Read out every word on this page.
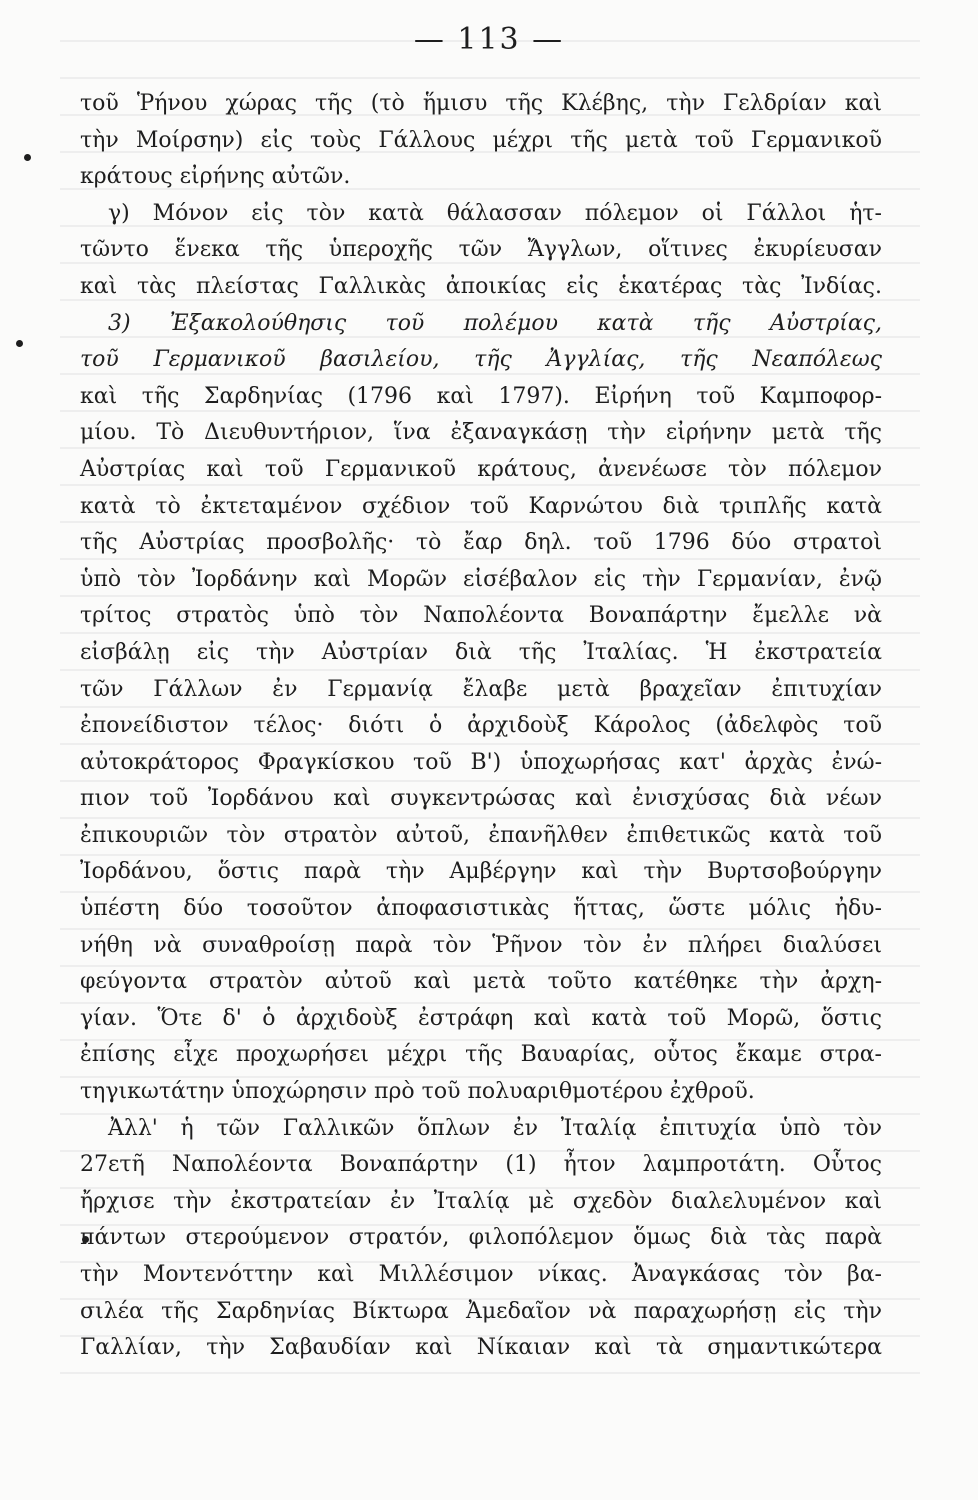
— 113 —
τοῦ Ῥήνου χώρας τῆς (τὸ ἥμισυ τῆς Κλέβης, τὴν Γελδρίαν καὶ
τὴν Μοίρσην) εἰς τοὺς Γάλλους μέχρι τῆς μετὰ τοῦ Γερμανικοῦ
κράτους εἰρήνης αὐτῶν.
γ) Μόνον εἰς τὸν κατὰ θάλασσαν πόλεμον οἱ Γάλλοι ἡτ-
τῶντο ἕνεκα τῆς ὑπεροχῆς τῶν Ἄγγλων, οἵτινες ἐκυρίευσαν
καὶ τὰς πλείστας Γαλλικὰς ἀποικίας εἰς ἑκατέρας τὰς Ἰνδίας.
3) Ἐξακολούθησις τοῦ πολέμου κατὰ τῆς Αὐστρίας,
τοῦ Γερμανικοῦ βασιλείου, τῆς Ἀγγλίας, τῆς Νεαπόλεως
καὶ τῆς Σαρδηνίας (1796 καὶ 1797). Εἰρήνη τοῦ Καμποφορ-
μίου. Τὸ Διευθυντήριον, ἵνα ἐξαναγκάσῃ τὴν εἰρήνην μετὰ τῆς
Αὐστρίας καὶ τοῦ Γερμανικοῦ κράτους, ἀνενέωσε τὸν πόλεμον
κατὰ τὸ ἐκτεταμένον σχέδιον τοῦ Καρνώτου διὰ τριπλῆς κατὰ
τῆς Αὐστρίας προσβολῆς· τὸ ἔαρ δηλ. τοῦ 1796 δύο στρατοὶ
ὑπὸ τὸν Ἰορδάνην καὶ Μορῶν εἰσέβαλον εἰς τὴν Γερμανίαν, ἐνῷ
τρίτος στρατὸς ὑπὸ τὸν Ναπολέοντα Βοναπάρτην ἔμελλε νὰ
εἰσβάλῃ εἰς τὴν Αὐστρίαν διὰ τῆς Ἰταλίας. Ἡ ἐκστρατεία
τῶν Γάλλων ἐν Γερμανίᾳ ἔλαβε μετὰ βραχεῖαν ἐπιτυχίαν
ἐπονείδιστον τέλος· διότι ὁ ἀρχιδοὺξ Κάρολος (ἀδελφὸς τοῦ
αὐτοκράτορος Φραγκίσκου τοῦ Β') ὑποχωρήσας κατ' ἀρχὰς ἐνώ-
πιον τοῦ Ἰορδάνου καὶ συγκεντρώσας καὶ ἐνισχύσας διὰ νέων
ἐπικουριῶν τὸν στρατὸν αὐτοῦ, ἐπανῆλθεν ἐπιθετικῶς κατὰ τοῦ
Ἰορδάνου, ὅστις παρὰ τὴν Αμβέργην καὶ τὴν Βυρτσοβούργην
ὑπέστη δύο τοσοῦτον ἀποφασιστικὰς ἥττας, ὥστε μόλις ἠδυ-
νήθη νὰ συναθροίσῃ παρὰ τὸν Ῥῆνον τὸν ἐν πλήρει διαλύσει
φεύγοντα στρατὸν αὐτοῦ καὶ μετὰ τοῦτο κατέθηκε τὴν ἀρχη-
γίαν. Ὅτε δ' ὁ ἀρχιδοὺξ ἐστράφη καὶ κατὰ τοῦ Μορῶ, ὅστις
ἐπίσης εἶχε προχωρήσει μέχρι τῆς Βαυαρίας, οὗτος ἔκαμε στρα-
τηγικωτάτην ὑποχώρησιν πρὸ τοῦ πολυαριθμοτέρου ἐχθροῦ.
Ἀλλ' ἡ τῶν Γαλλικῶν ὅπλων ἐν Ἰταλίᾳ ἐπιτυχία ὑπὸ τὸν
27ετῆ Ναπολέοντα Βοναπάρτην (1) ἦτον λαμπροτάτη. Οὗτος
ἤρχισε τὴν ἐκστρατείαν ἐν Ἰταλίᾳ μὲ σχεδὸν διαλελυμένον καὶ
πάντων στερούμενον στρατόν, φιλοπόλεμον ὅμως διὰ τὰς παρὰ
τὴν Μοντενόττην καὶ Μιλλέσιμον νίκας. Ἀναγκάσας τὸν βα-
σιλέα τῆς Σαρδηνίας Βίκτωρα Ἀμεδαῖον νὰ παραχωρήσῃ εἰς τὴν
Γαλλίαν, τὴν Σαβαυδίαν καὶ Νίκαιαν καὶ τὰ σημαντικώτερα
